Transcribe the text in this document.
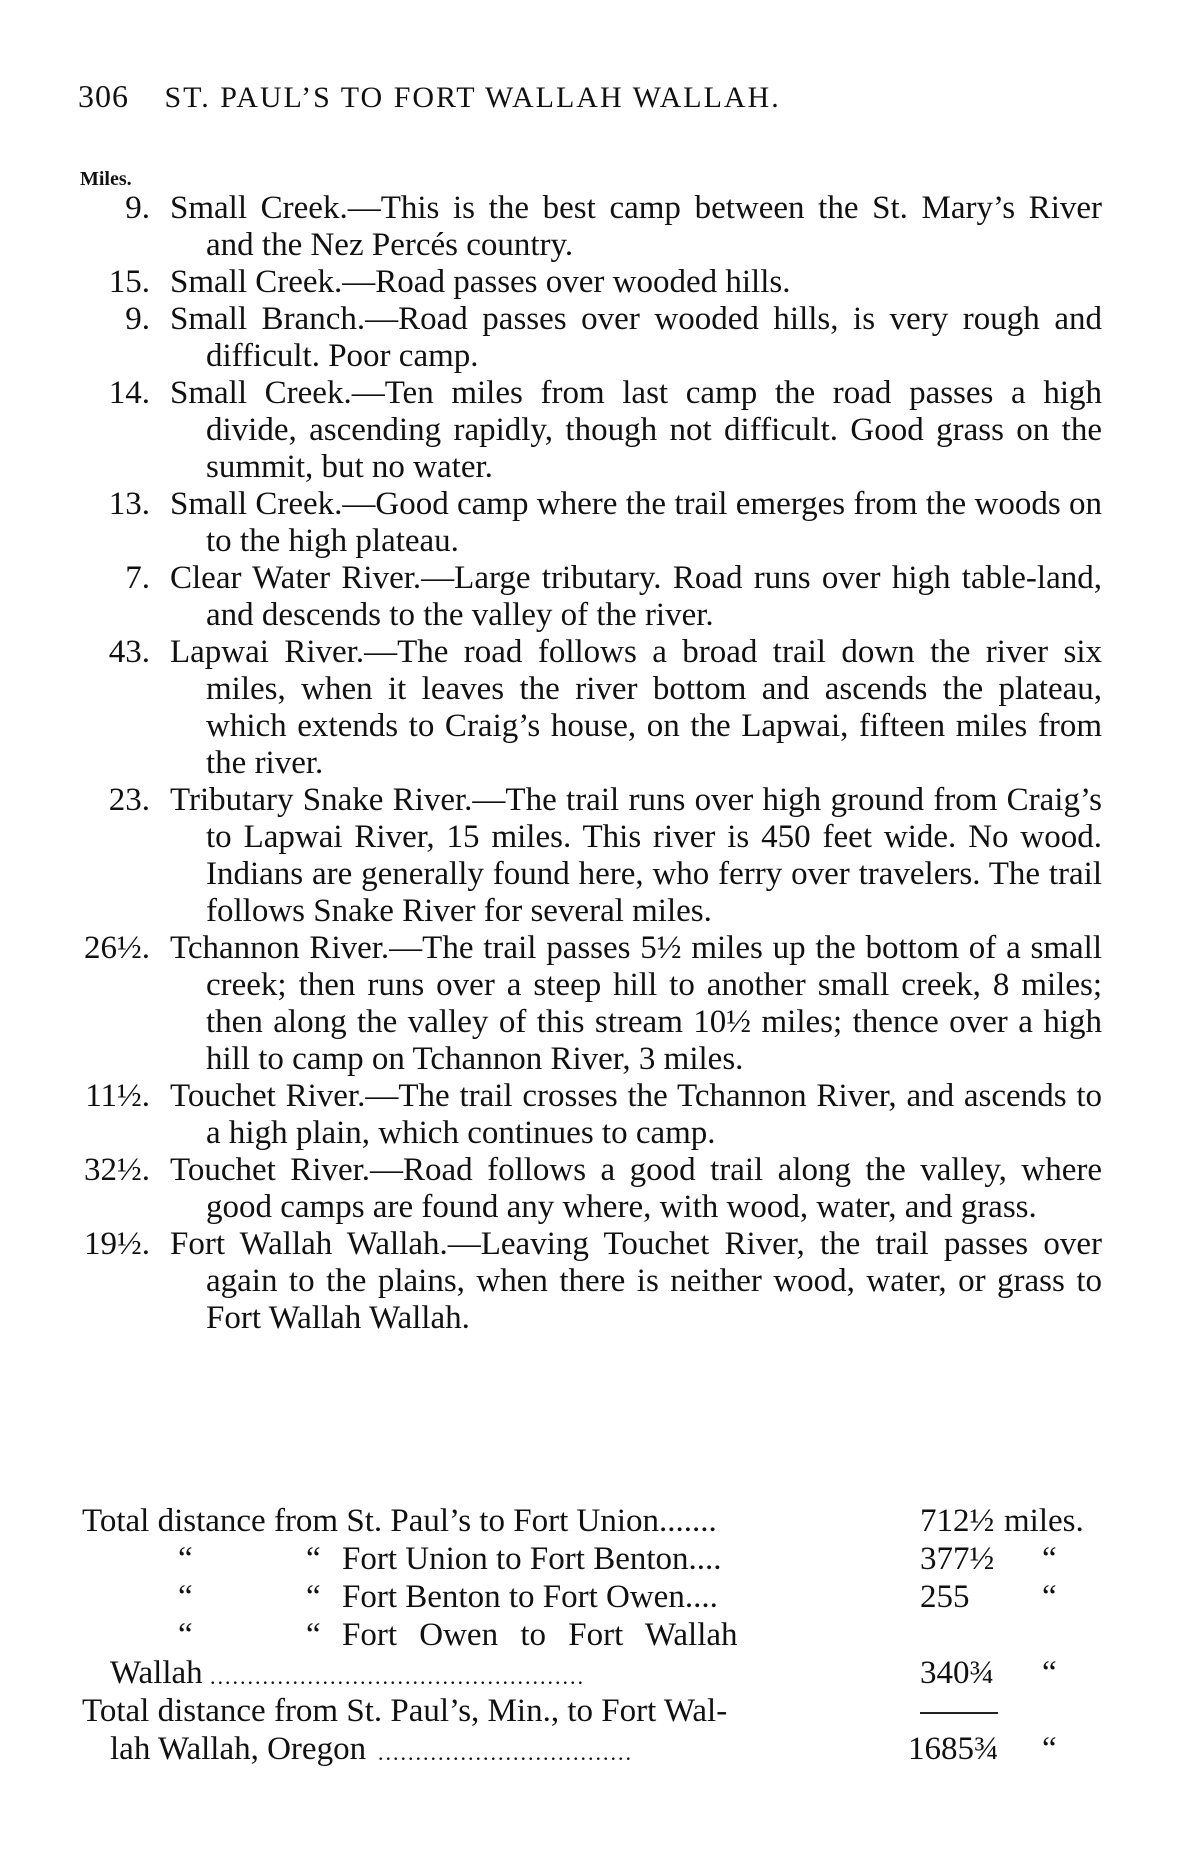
306 ST. PAUL’S TO FORT WALLAH WALLAH.
Miles.

9. Small Creek.—This is the best camp between the St. Mary’s River and the Nez Percés country.

15. Small Creek.—Road passes over wooded hills.

9. Small Branch.—Road passes over wooded hills, is very rough and difficult. Poor camp.

14. Small Creek.—Ten miles from last camp the road passes a high divide, ascending rapidly, though not difficult. Good grass on the summit, but no water.

13. Small Creek.—Good camp where the trail emerges from the woods on to the high plateau.

7. Clear Water River.—Large tributary. Road runs over high table-land, and descends to the valley of the river.

43. Lapwai River.—The road follows a broad trail down the river six miles, when it leaves the river bottom and ascends the plateau, which extends to Craig’s house, on the Lapwai, fifteen miles from the river.

23. Tributary Snake River.—The trail runs over high ground from Craig’s to Lapwai River, 15 miles. This river is 450 feet wide. No wood. Indians are generally found here, who ferry over travelers. The trail follows Snake River for several miles.

26½. Tchannon River.—The trail passes 5½ miles up the bottom of a small creek; then runs over a steep hill to another small creek, 8 miles; then along the valley of this stream 10½ miles; thence over a high hill to camp on Tchannon River, 3 miles.

11½. Touchet River.—The trail crosses the Tchannon River, and ascends to a high plain, which continues to camp.

32½. Touchet River.—Road follows a good trail along the valley, where good camps are found any where, with wood, water, and grass.

19½. Fort Wallah Wallah.—Leaving Touchet River, the trail passes over again to the plains, when there is neither wood, water, or grass to Fort Wallah Wallah.

Total distance from St. Paul’s to Fort Union.......	712½ miles.
“	“ Fort Union to Fort Benton....	377½ “
“	“ Fort Benton to Fort Owen....	255 “
“	“ Fort Owen to Fort Wallah
Wallah ..................................................	340¾ “
Total distance from St. Paul’s, Min., to Fort Wal-
lah Wallah, Oregon ..................................	1685¾ “
